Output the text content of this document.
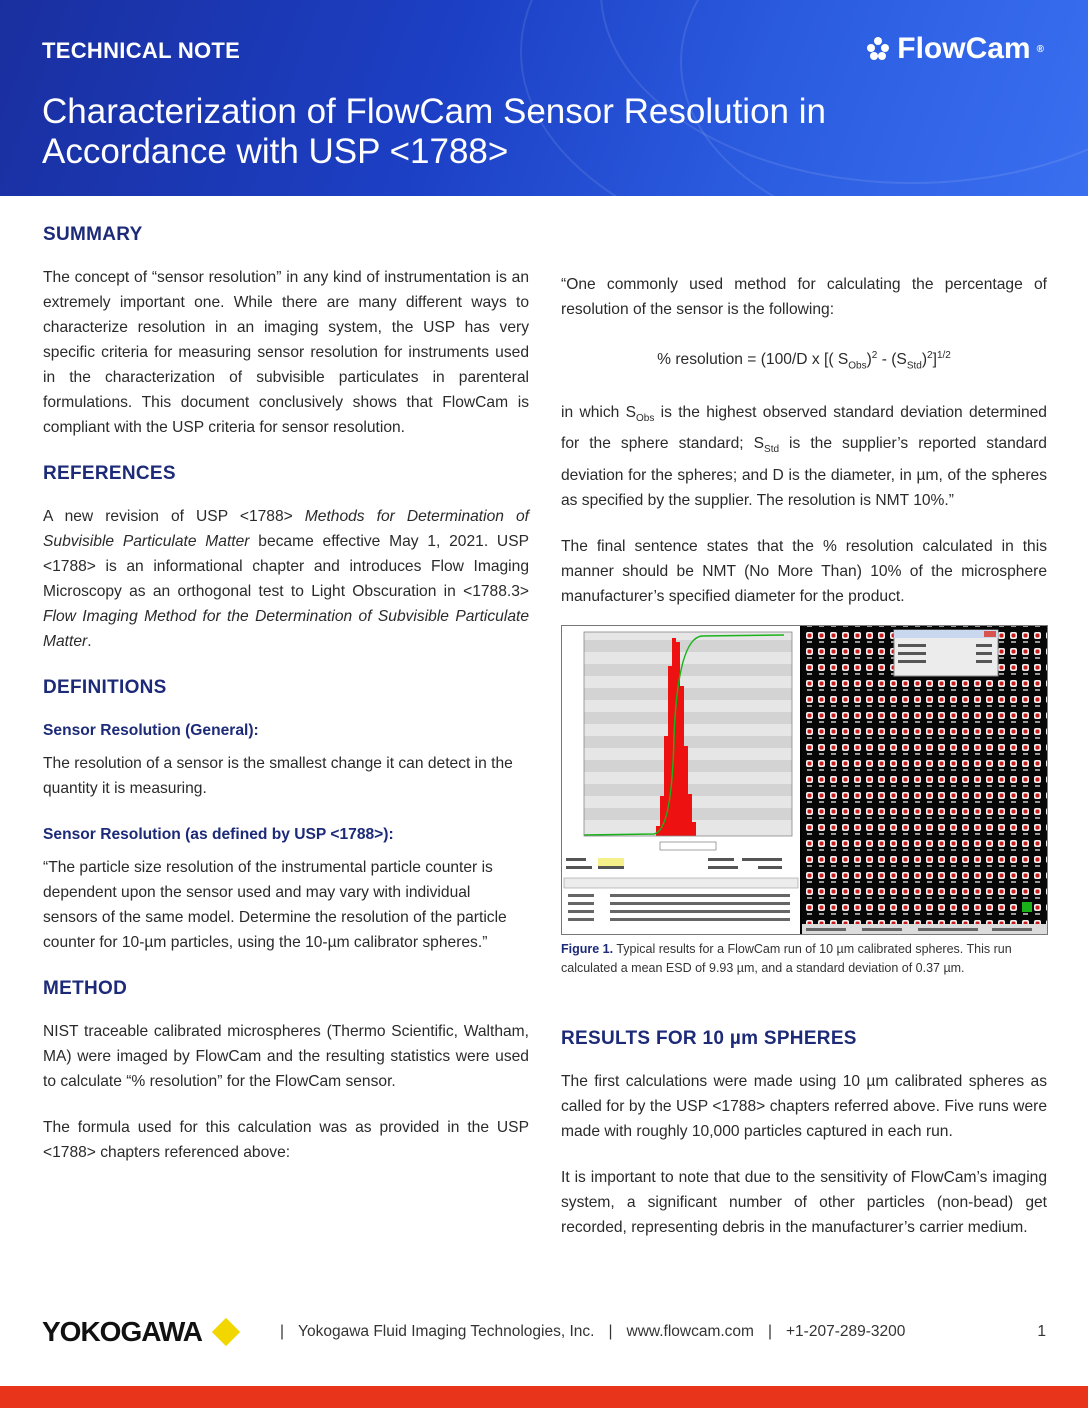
TECHNICAL NOTE	FlowCam ®
Characterization of FlowCam Sensor Resolution in Accordance with USP <1788>
SUMMARY

The concept of “sensor resolution” in any kind of instrumentation is an extremely important one. While there are many different ways to characterize resolution in an imaging system, the USP has very specific criteria for measuring sensor resolution for instruments used in the characterization of subvisible particulates in parenteral formulations. This document conclusively shows that FlowCam is compliant with the USP criteria for sensor resolution.

REFERENCES

A new revision of USP <1788> Methods for Determination of Subvisible Particulate Matter became effective May 1, 2021. USP <1788> is an informational chapter and introduces Flow Imaging Microscopy as an orthogonal test to Light Obscuration in <1788.3> Flow Imaging Method for the Determination of Subvisible Particulate Matter.

DEFINITIONS
Sensor Resolution (General):

The resolution of a sensor is the smallest change it can detect in the quantity it is measuring.

Sensor Resolution (as defined by USP <1788>):

“The particle size resolution of the instrumental particle counter is dependent upon the sensor used and may vary with individual sensors of the same model. Determine the resolution of the particle counter for 10-µm particles, using the 10-µm calibrator spheres.”

METHOD

NIST traceable calibrated microspheres (Thermo Scientific, Waltham, MA) were imaged by FlowCam and the resulting statistics were used to calculate “% resolution” for the FlowCam sensor.

The formula used for this calculation was as provided in the USP <1788> chapters referenced above:

“One commonly used method for calculating the percentage of resolution of the sensor is the following:

% resolution = (100/D x [( $S_{Obs})^2 - (S_{Std})^2]^{1/2}$

in which $S_{Obs}$ is the highest observed standard deviation determined for the sphere standard; $S_{Std}$ is the supplier’s reported standard deviation for the spheres; and D is the diameter, in µm, of the spheres as specified by the supplier. The resolution is NMT 10%.”

The final sentence states that the % resolution calculated in this manner should be NMT (No More Than) 10% of the microsphere manufacturer’s specified diameter for the product.

Figure 1. Typical results for a FlowCam run of 10 µm calibrated spheres. This run calculated a mean ESD of 9.93 µm, and a standard deviation of 0.37 µm.
RESULTS FOR 10 µm SPHERES

The first calculations were made using 10 µm calibrated spheres as called for by the USP <1788> chapters referred above. Five runs were made with roughly 10,000 particles captured in each run.

It is important to note that due to the sensitivity of FlowCam’s imaging system, a significant number of other particles (non-bead) get recorded, representing debris in the manufacturer’s carrier medium.

YOKOGAWA	| Yokogawa Fluid Imaging Technologies, Inc. | www.flowcam.com | +1-207-289-3200	1
